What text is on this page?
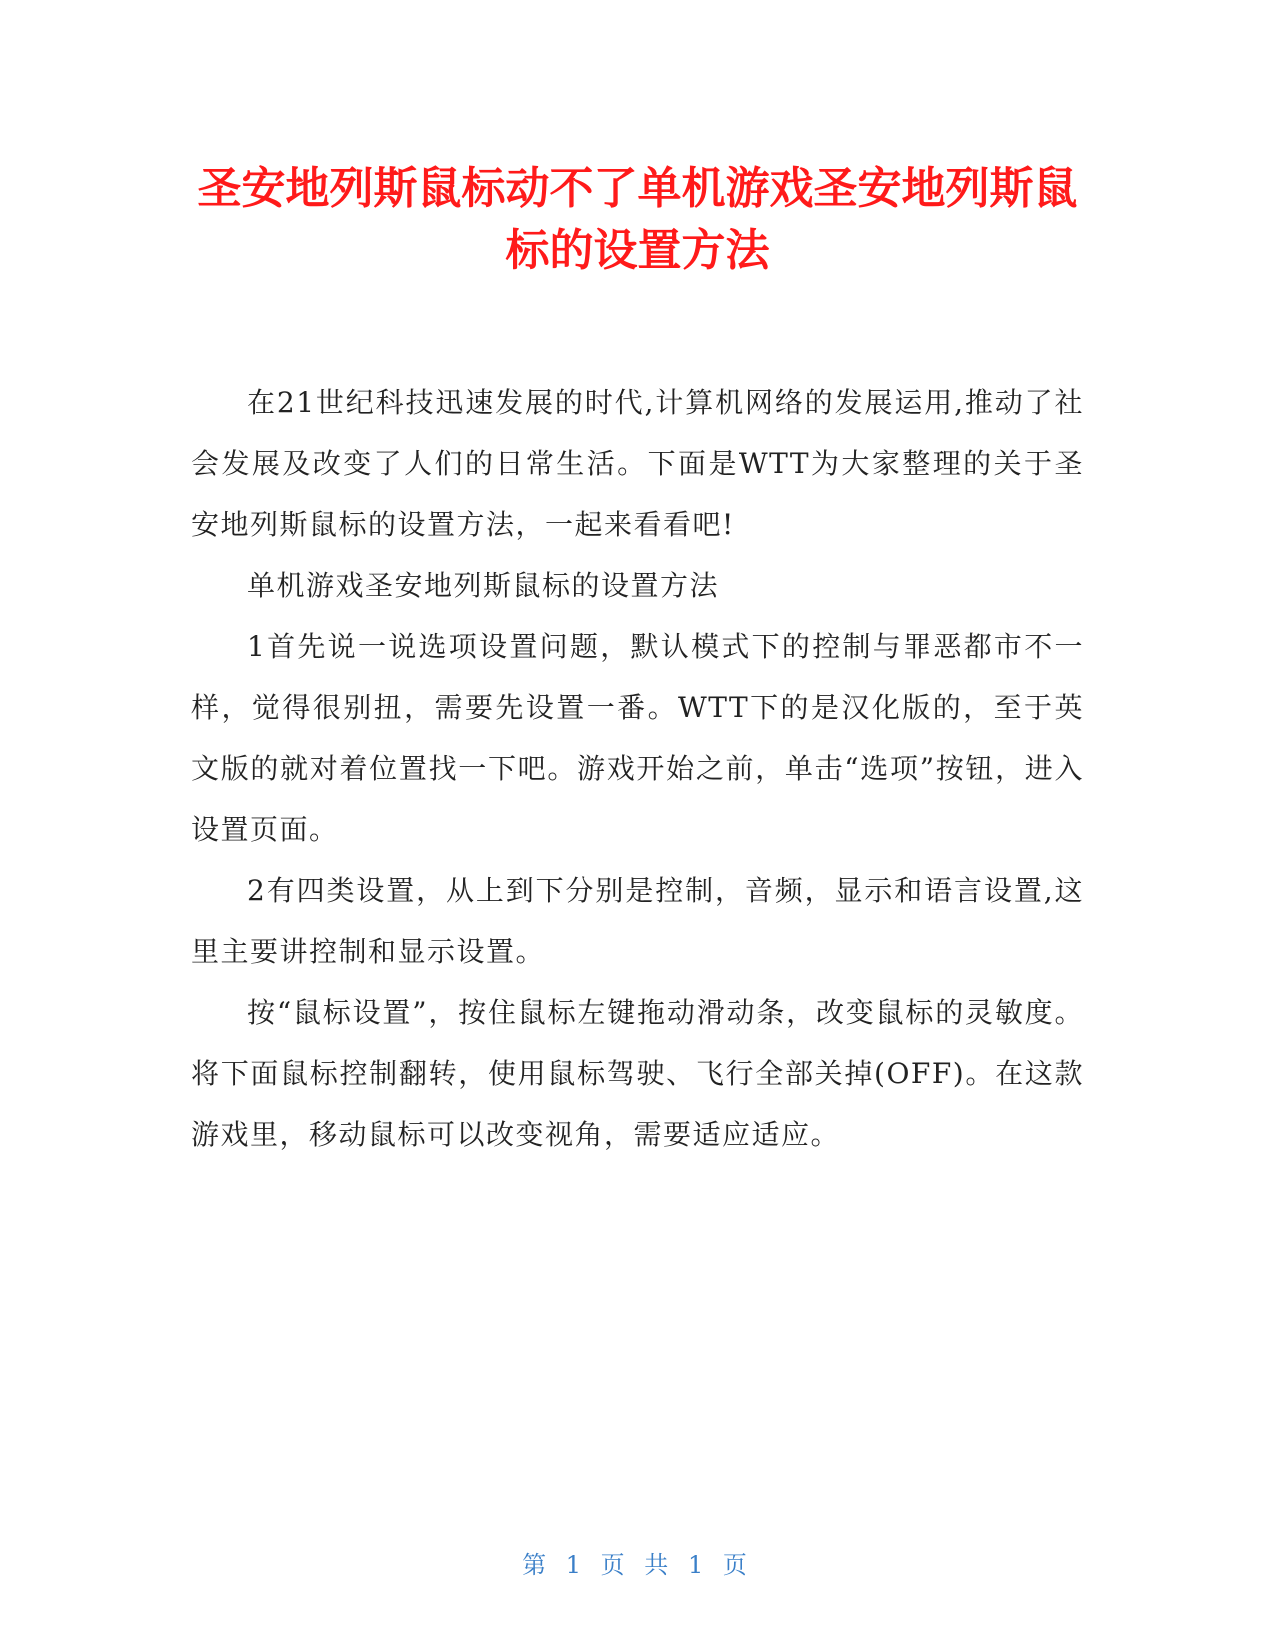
圣安地列斯鼠标动不了单机游戏圣安地列斯鼠标的设置方法

在21世纪科技迅速发展的时代,计算机网络的发展运用,推动了社会发展及改变了人们的日常生活。下面是WTT为大家整理的关于圣安地列斯鼠标的设置方法，一起来看看吧!

单机游戏圣安地列斯鼠标的设置方法

1首先说一说选项设置问题，默认模式下的控制与罪恶都市不一样，觉得很别扭，需要先设置一番。WTT下的是汉化版的，至于英文版的就对着位置找一下吧。游戏开始之前，单击“选项”按钮，进入设置页面。

2有四类设置，从上到下分别是控制，音频，显示和语言设置,这里主要讲控制和显示设置。

按“鼠标设置”，按住鼠标左键拖动滑动条，改变鼠标的灵敏度。将下面鼠标控制翻转，使用鼠标驾驶、飞行全部关掉(OFF)。在这款游戏里，移动鼠标可以改变视角，需要适应适应。

第 1 页 共 1 页
